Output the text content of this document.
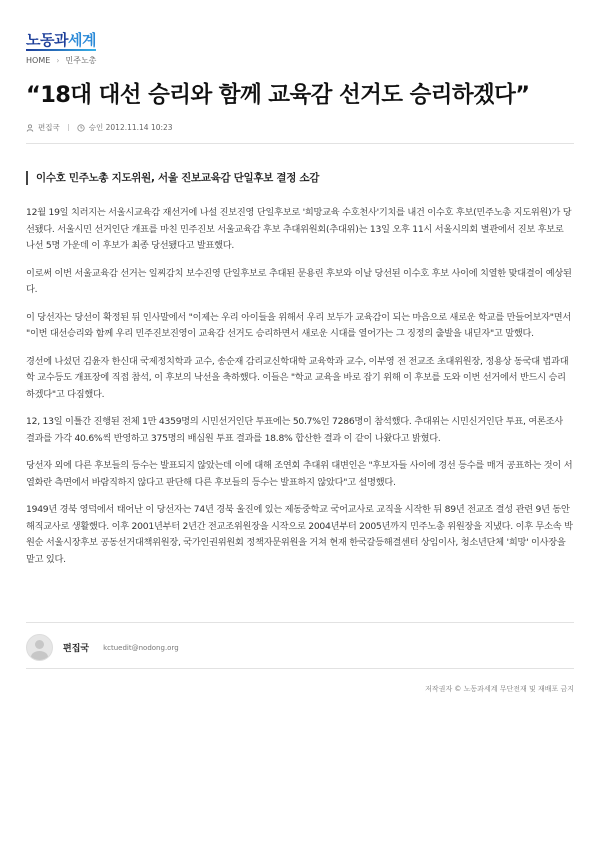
노동과세계
HOME › 민주노총
“18대 대선 승리와 함께 교육감 선거도 승리하겠다”
편집국	승인 2012.11.14 10:23
이수호 민주노총 지도위원, 서울 진보교육감 단일후보 결정 소감

12월 19일 치러지는 서울시교육감 재선거에 나설 진보진영 단일후보로 '희망교육 수호천사'기치를 내건 이수호 후보(민주노총 지도위원)가 당선됐다. 서울시민 선거인단 개표를 마친 민주진보 서울교육감 후보 추대위원회(추대위)는 13일 오후 11시 서울시의회 별관에서 진보 후보로 나선 5명 가운데 이 후보가 최종 당선됐다고 발표했다.

이로써 이번 서울교육감 선거는 일찌감치 보수진영 단일후보로 추대된 문용린 후보와 이날 당선된 이수호 후보 사이에 치열한 맞대결이 예상된다.

이 당선자는 당선이 확정된 뒤 인사말에서 "이제는 우리 아이들을 위해서 우리 보두가 교육감이 되는 마음으로 새로운 학교를 만들어보자"면서 "이번 대선승리와 함께 우리 민주진보진영이 교육감 선거도 승리하면서 새로운 시대를 열어가는 그 징정의 출발을 내딛자"고 말했다.

경선에 나섰던 김윤자 한신대 국제정치학과 교수, 송순재 감리교신학대학 교육학과 교수, 이부영 전 전교조 초대위원장, 정용상 동국대 법과대학 교수등도 개표장에 직접 참석, 이 후보의 낙선을 축하했다. 이들은 "학교 교육을 바로 잡기 위해 이 후보를 도와 이번 선거에서 반드시 승리하겠다"고 다짐했다.

12, 13일 이틀간 진행된 전체 1만 4359명의 시민선거인단 투표에는 50.7%인 7286명이 참석했다. 추대위는 시민신거인단 투표, 여론조사 결과를 가각 40.6%씩 반영하고 375명의 배심원 투표 결과를 18.8% 합산한 결과 이 같이 나왔다고 밝혔다.

당선자 외에 다른 후보들의 등수는 발표되지 않았는데 이에 대해 조연회 추대위 대변인은 "후보자들 사이에 경선 등수를 매겨 공표하는 것이 서열화란 측면에서 바람직하지 않다고 판단해 다른 후보들의 등수는 발표하지 않았다"고 설명했다.

1949년 경북 영덕에서 태어난 이 당선자는 74년 경북 울진에 있는 제동중학교 국어교사로 교직을 시작한 뒤 89년 전교조 결성 관련 9년 동안 해직교사로 생활했다. 이후 2001년부터 2년간 전교조위원장을 시작으로 2004년부터 2005년까지 민주노총 위원장을 지냈다. 이후 무소속 박원순 서울시장후보 공동선거대책위원장, 국가인권위원회 정책자문위원을 거쳐 현재 한국갈등해결센터 상임이사, 청소년단체 '희망' 이사장을 맡고 있다.

편집국 kctuedit@nodong.org
저작권자 © 노동과세계 무단전재 및 재배포 금지
